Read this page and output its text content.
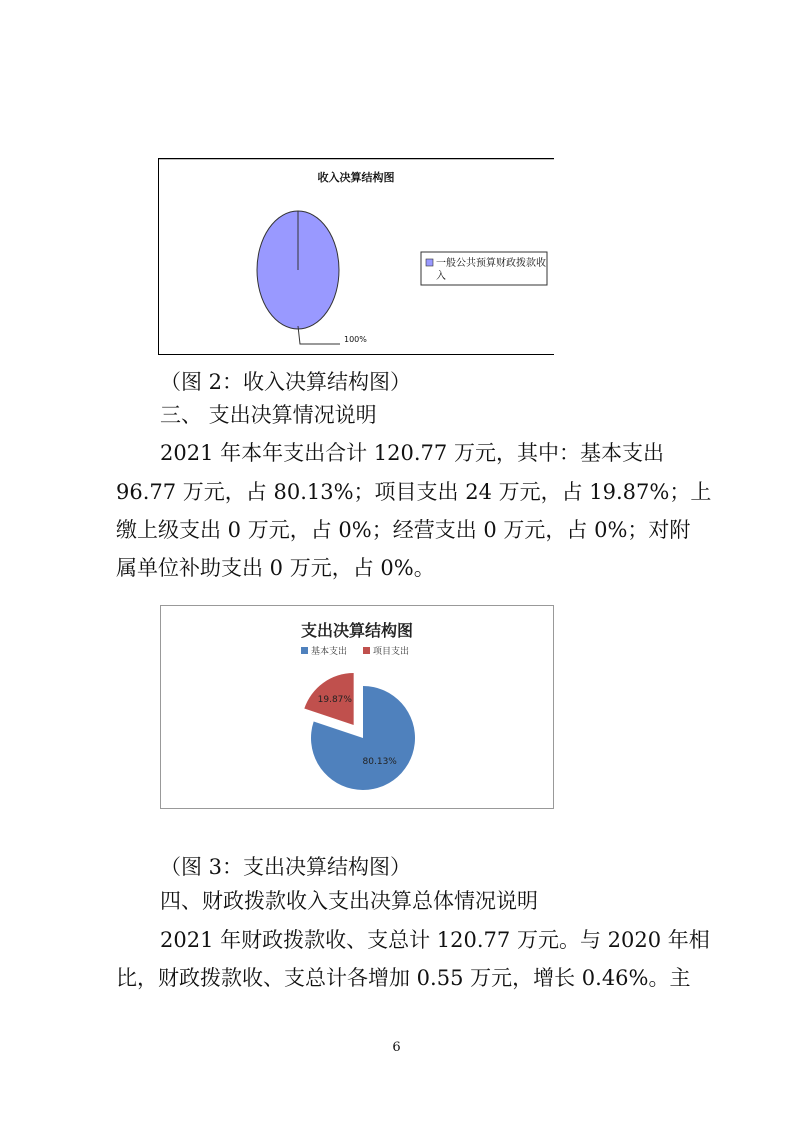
收入决算结构图
100%
一般公共预算财政拨款收
入
（图 2：收入决算结构图）
三、 支出决算情况说明
2021 年本年支出合计 120.77 万元，其中：基本支出
96.77 万元，占 80.13%；项目支出 24 万元，占 19.87%；上
缴上级支出 0 万元，占 0%；经营支出 0 万元，占 0%；对附
属单位补助支出 0 万元，占 0%。
支出决算结构图
基本支出	项目支出
19.87%
80.13%
（图 3：支出决算结构图）
四、财政拨款收入支出决算总体情况说明
2021 年财政拨款收、支总计 120.77 万元。与 2020 年相
比，财政拨款收、支总计各增加 0.55 万元，增长 0.46%。主
6
